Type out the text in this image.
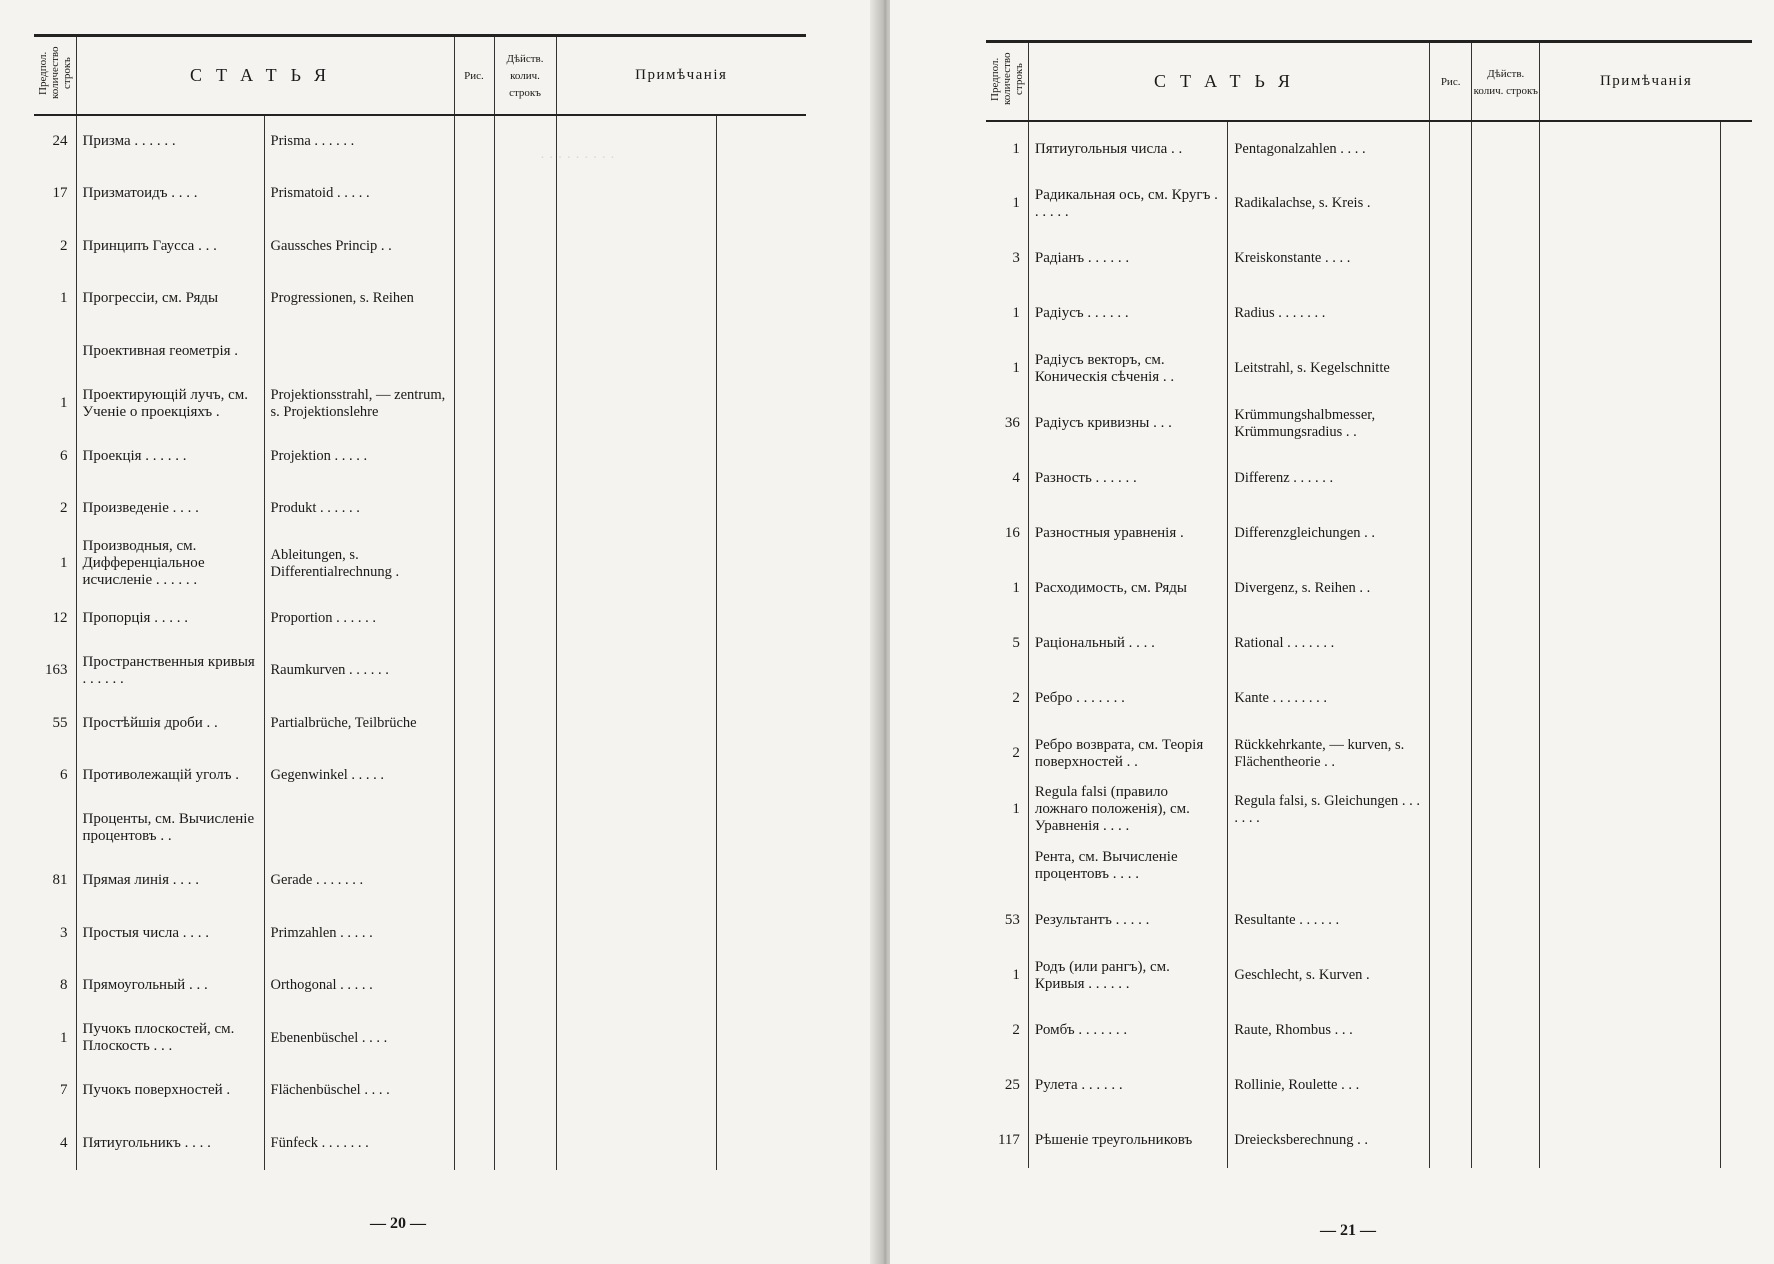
· · · · · · · · ·
Предпол. количество строкъ	СТАТЬЯ		Рис.	Дѣйств. колич. строкъ	Примѣчанія	
24	Призма . . . . . .	Prisma . . . . . .				
17	Призматоидъ . . . .	Prismatoid . . . . .				
2	Принципъ Гаусса . . .	Gaussches Princip . .				
1	Прогрессіи, см. Ряды	Progressionen, s. Reihen				
	Проективная геометрія .					
1	Проектирующій лучъ, см. Ученіе о проекціяхъ .	Projektionsstrahl, — zentrum, s. Projektionslehre				
6	Проекція . . . . . .	Projektion . . . . .				
2	Произведеніе . . . .	Produkt . . . . . .				
1	Производныя, см. Дифференціальное исчисленіе . . . . . .	Ableitungen, s. Differentialrechnung .				
12	Пропорція . . . . .	Proportion . . . . . .				
163	Пространственныя кривыя . . . . . .	Raumkurven . . . . . .				
55	Простѣйшія дроби . .	Partialbrüche, Teilbrüche				
6	Противолежащій уголъ .	Gegenwinkel . . . . .				
	Проценты, см. Вычисленіе процентовъ . .					
81	Прямая линія . . . .	Gerade . . . . . . .				
3	Простыя числа . . . .	Primzahlen . . . . .				
8	Прямоугольный . . .	Orthogonal . . . . .				
1	Пучокъ плоскостей, см. Плоскость . . .	Ebenenbüschel . . . .				
7	Пучокъ поверхностей .	Flächenbüschel . . . .				
4	Пятиугольникъ . . . .	Fünfeck . . . . . . .				
— 20 —
Предпол. количество строкъ	СТАТЬЯ		Рис.	Дѣйств. колич. строкъ	Примѣчанія	
1	Пятиугольныя числа . .	Pentagonalzahlen . . . .				
1	Радикальная ось, см. Кругъ . . . . . .	Radikalachse, s. Kreis .				
3	Радіанъ . . . . . .	Kreiskonstante . . . .				
1	Радіусъ . . . . . .	Radius . . . . . . .				
1	Радіусъ векторъ, см. Коническія сѣченія . .	Leitstrahl, s. Kegelschnitte				
36	Радіусъ кривизны . . .	Krümmungshalbmesser, Krümmungsradius . .				
4	Разность . . . . . .	Differenz . . . . . .				
16	Разностныя уравненія .	Differenzgleichungen . .				
1	Расходимость, см. Ряды	Divergenz, s. Reihen . .				
5	Раціональный . . . .	Rational . . . . . . .				
2	Ребро . . . . . . .	Kante . . . . . . . .				
2	Ребро возврата, см. Теорія поверхностей . .	Rückkehrkante, — kurven, s. Flächentheorie . .				
1	Regula falsi (правило ложнаго положенія), см. Уравненія . . . .	Regula falsi, s. Gleichungen . . . . . . .				
	Рента, см. Вычисленіе процентовъ . . . .					
53	Результантъ . . . . .	Resultante . . . . . .				
1	Родъ (или рангъ), см. Кривыя . . . . . .	Geschlecht, s. Kurven .				
2	Ромбъ . . . . . . .	Raute, Rhombus . . .				
25	Рулета . . . . . .	Rollinie, Roulette . . .				
117	Рѣшеніе треугольниковъ	Dreiecksberechnung . .				
— 21 —
